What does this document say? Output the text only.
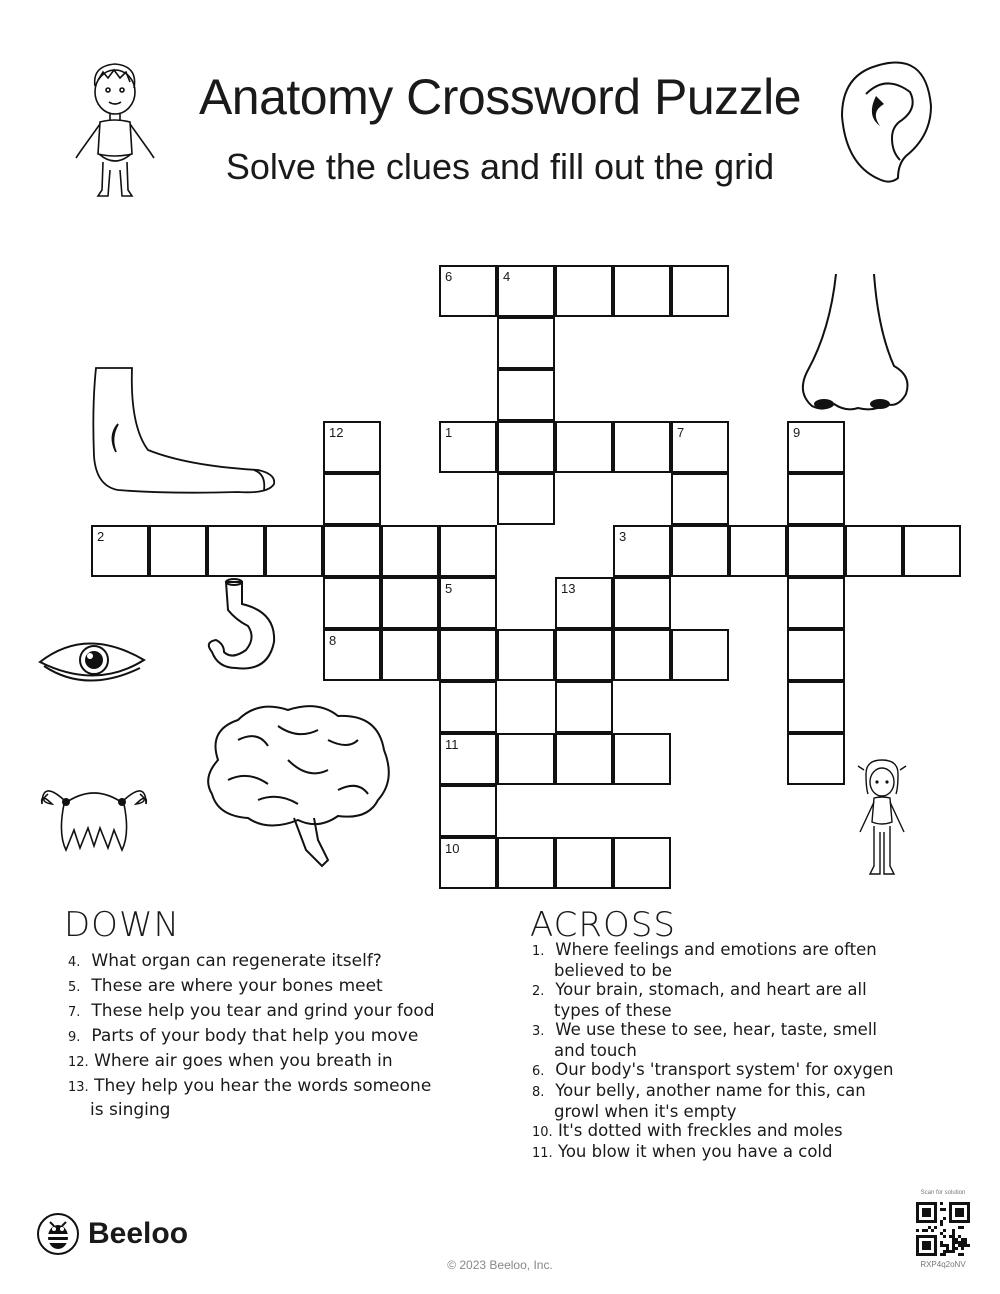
Anatomy Crossword Puzzle
Solve the clues and fill out the grid
6	4
12	1	7	9
2	3
5	13
8
11
10
DOWN
4. What organ can regenerate itself?
5. These are where your bones meet
7. These help you tear and grind your food
9. Parts of your body that help you move
12. Where air goes when you breath in
13. They help you hear the words someone is singing
ACROSS
1. Where feelings and emotions are often believed to be
2. Your brain, stomach, and heart are all types of these
3. We use these to see, hear, taste, smell and touch
6. Our body's 'transport system' for oxygen
8. Your belly, another name for this, can growl when it's empty
10. It's dotted with freckles and moles
11. You blow it when you have a cold
Beeloo
© 2023 Beeloo, Inc.
Scan for solution
RXP4q2oNV
